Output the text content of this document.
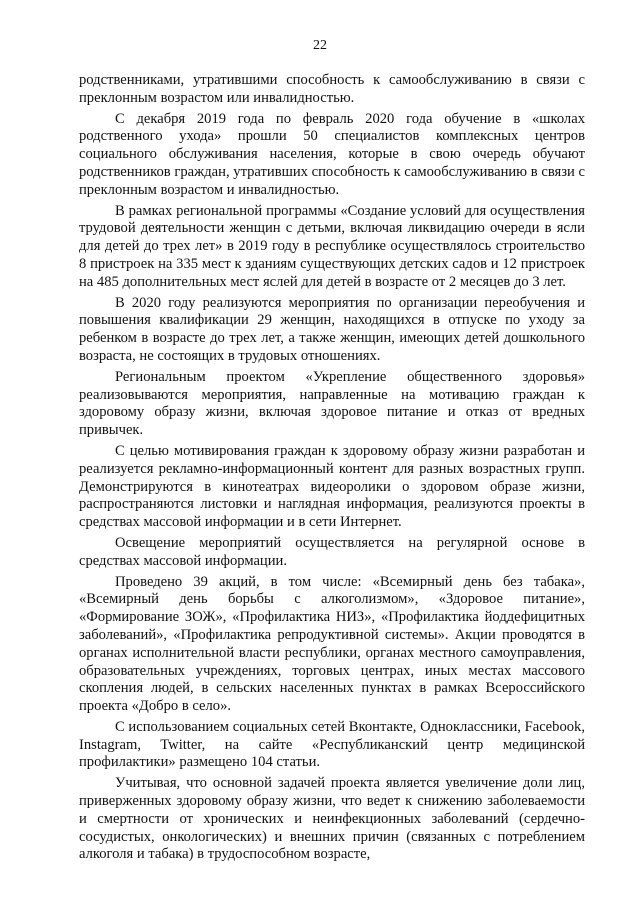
22

родственниками, утратившими способность к самообслуживанию в связи с преклонным возрастом или инвалидностью.

С декабря 2019 года по февраль 2020 года обучение в «школах родственного ухода» прошли 50 специалистов комплексных центров социального обслуживания населения, которые в свою очередь обучают родственников граждан, утративших способность к самообслуживанию в связи с преклонным возрастом и инвалидностью.

В рамках региональной программы «Создание условий для осуществления трудовой деятельности женщин с детьми, включая ликвидацию очереди в ясли для детей до трех лет» в 2019 году в республике осуществлялось строительство 8 пристроек на 335 мест к зданиям существующих детских садов и 12 пристроек на 485 дополнительных мест яслей для детей в возрасте от 2 месяцев до 3 лет.

В 2020 году реализуются мероприятия по организации переобучения и повышения квалификации 29 женщин, находящихся в отпуске по уходу за ребенком в возрасте до трех лет, а также женщин, имеющих детей дошкольного возраста, не состоящих в трудовых отношениях.

Региональным проектом «Укрепление общественного здоровья» реализовываются мероприятия, направленные на мотивацию граждан к здоровому образу жизни, включая здоровое питание и отказ от вредных привычек.

С целью мотивирования граждан к здоровому образу жизни разработан и реализуется рекламно-информационный контент для разных возрастных групп. Демонстрируются в кинотеатрах видеоролики о здоровом образе жизни, распространяются листовки и наглядная информация, реализуются проекты в средствах массовой информации и в сети Интернет.

Освещение мероприятий осуществляется на регулярной основе в средствах массовой информации.

Проведено 39 акций, в том числе: «Всемирный день без табака», «Всемирный день борьбы с алкоголизмом», «Здоровое питание», «Формирование ЗОЖ», «Профилактика НИЗ», «Профилактика йоддефицитных заболеваний», «Профилактика репродуктивной системы». Акции проводятся в органах исполнительной власти республики, органах местного самоуправления, образовательных учреждениях, торговых центрах, иных местах массового скопления людей, в сельских населенных пунктах в рамках Всероссийского проекта «Добро в село».

С использованием социальных сетей Вконтакте, Одноклассники, Facebook, Instagram, Twitter, на сайте «Республиканский центр медицинской профилактики» размещено 104 статьи.

Учитывая, что основной задачей проекта является увеличение доли лиц, приверженных здоровому образу жизни, что ведет к снижению заболеваемости и смертности от хронических и неинфекционных заболеваний (сердечно-сосудистых, онкологических) и внешних причин (связанных с потреблением алкоголя и табака) в трудоспособном возрасте,
